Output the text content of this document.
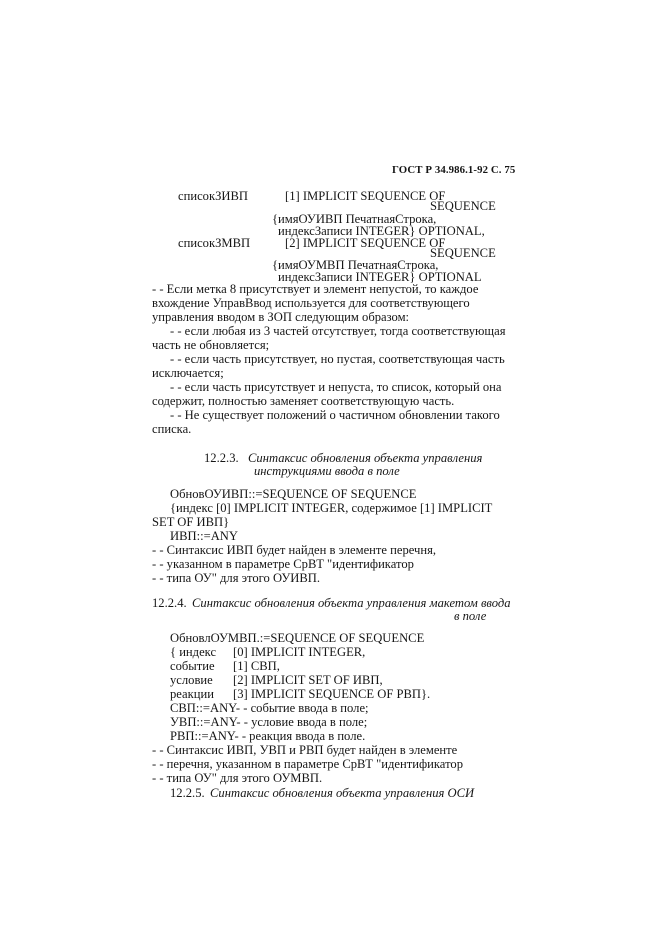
ГОСТ Р 34.986.1-92 С. 75
списокЗИВП	[1] IMPLICIT SEQUENCE OF
SEQUENCE
{имяОУИВП ПечатнаяСтрока,
индексЗаписи INTEGER} OPTIONAL,
списокЗМВП	[2] IMPLICIT SEQUENCE OF
SEQUENCE
{имяОУМВП ПечатнаяСтрока,
индексЗаписи INTEGER} OPTIONAL
- - Если метка 8 присутствует и элемент непустой, то каждое
вхождение УправВвод используется для соответствующего
управления вводом в ЗОП следующим образом:
- - если любая из 3 частей отсутствует, тогда соответствующая
часть не обновляется;
- - если часть присутствует, но пустая, соответствующая часть
исключается;
- - если часть присутствует и непуста, то список, который она
содержит, полностью заменяет соответствующую часть.
- - Не существует положений о частичном обновлении такого
списка.
12.2.3. Синтаксис обновления объекта управления
инструкциями ввода в поле
ОбновОУИВП::=SEQUENCE OF SEQUENCE
{индекс [0] IMPLICIT INTEGER, содержимое [1] IMPLICIT
SET OF ИВП}
ИВП::=ANY
- - Синтаксис ИВП будет найден в элементе перечня,
- - указанном в параметре СрВТ "идентификатор
- - типа ОУ" для этого ОУИВП.
12.2.4. Синтаксис обновления объекта управления макетом ввода
в поле
ОбновлОУМВП.:=SEQUENCE OF SEQUENCE
{ индекс [0] IMPLICIT INTEGER,
событие [1] СВП,
условие [2] IMPLICIT SET OF ИВП,
реакции [3] IMPLICIT SEQUENCE OF РВП}.
СВП::=ANY- - событие ввода в поле;
УВП::=ANY- - условие ввода в поле;
РВП::=ANY- - реакция ввода в поле.
- - Синтаксис ИВП, УВП и РВП будет найден в элементе
- - перечня, указанном в параметре СрВТ "идентификатор
- - типа ОУ" для этого ОУМВП.
12.2.5. Синтаксис обновления объекта управления ОСИ
